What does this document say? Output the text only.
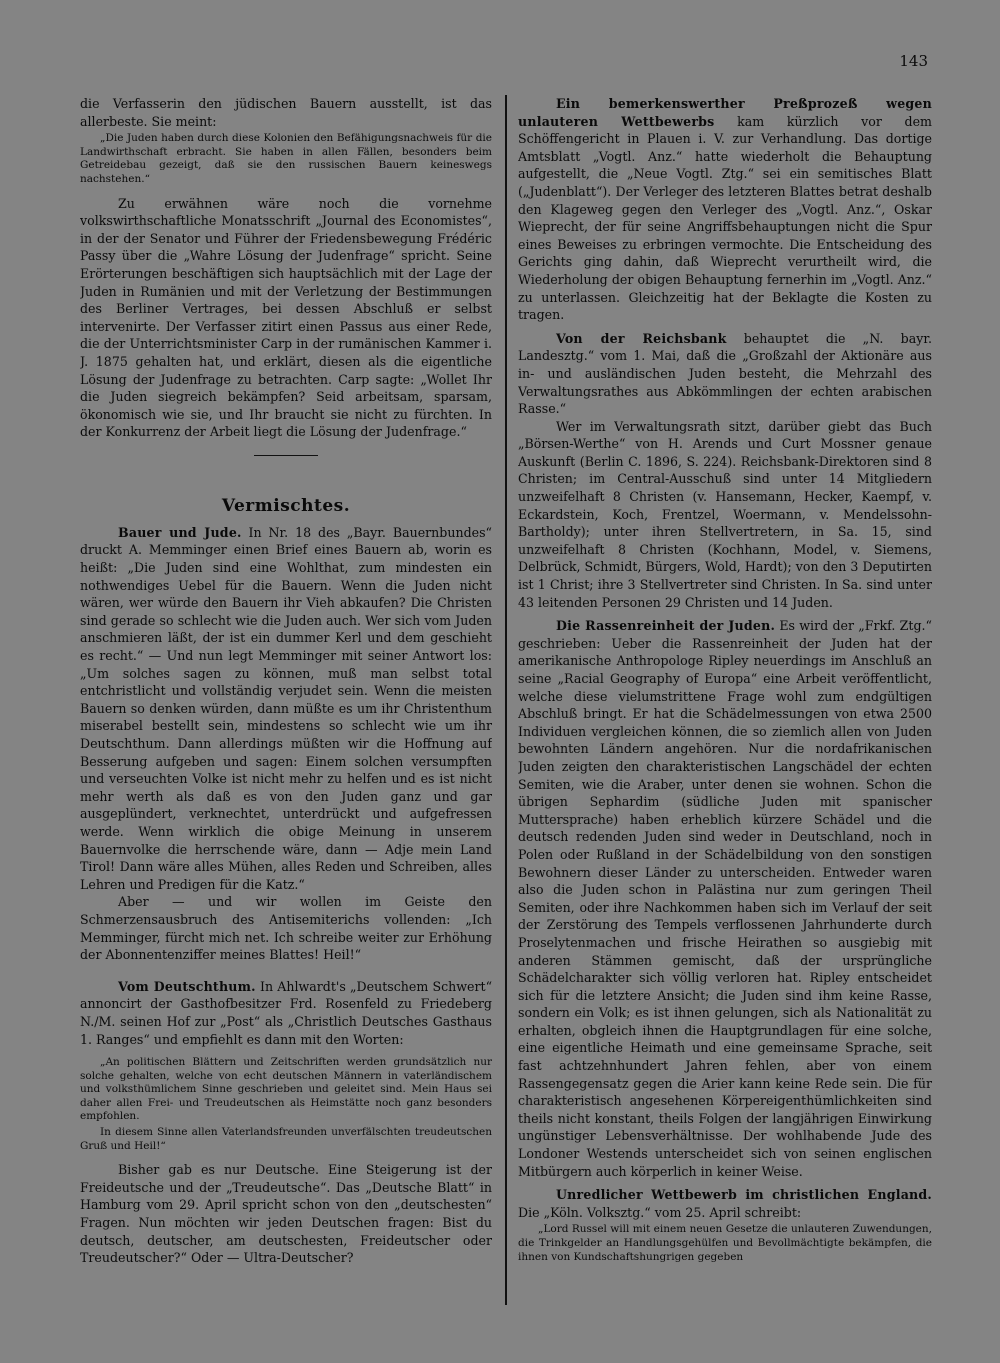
143

die Verfasserin den jüdischen Bauern ausstellt, ist das allerbeste. Sie meint:

„Die Juden haben durch diese Kolonien den Befähigungsnachweis für die Landwirthschaft erbracht. Sie haben in allen Fällen, besonders beim Getreidebau gezeigt, daß sie den russischen Bauern keineswegs nachstehen.“

Zu erwähnen wäre noch die vornehme volkswirthschaftliche Monatsschrift „Journal des Economistes“, in der der Senator und Führer der Friedensbewegung Frédéric Passy über die „Wahre Lösung der Judenfrage“ spricht. Seine Erörterungen beschäftigen sich hauptsächlich mit der Lage der Juden in Rumänien und mit der Verletzung der Bestimmungen des Berliner Vertrages, bei dessen Abschluß er selbst intervenirte. Der Verfasser zitirt einen Passus aus einer Rede, die der Unterrichtsminister Carp in der rumänischen Kammer i. J. 1875 gehalten hat, und erklärt, diesen als die eigentliche Lösung der Judenfrage zu betrachten. Carp sagte: „Wollet Ihr die Juden siegreich bekämpfen? Seid arbeitsam, sparsam, ökonomisch wie sie, und Ihr braucht sie nicht zu fürchten. In der Konkurrenz der Arbeit liegt die Lösung der Judenfrage.“

Vermischtes.

Bauer und Jude. In Nr. 18 des „Bayr. Bauernbundes“ druckt A. Memminger einen Brief eines Bauern ab, worin es heißt: „Die Juden sind eine Wohlthat, zum mindesten ein nothwendiges Uebel für die Bauern. Wenn die Juden nicht wären, wer würde den Bauern ihr Vieh abkaufen? Die Christen sind gerade so schlecht wie die Juden auch. Wer sich vom Juden anschmieren läßt, der ist ein dummer Kerl und dem geschieht es recht.“ — Und nun legt Memminger mit seiner Antwort los: „Um solches sagen zu können, muß man selbst total entchristlicht und vollständig verjudet sein. Wenn die meisten Bauern so denken würden, dann müßte es um ihr Christenthum miserabel bestellt sein, mindestens so schlecht wie um ihr Deutschthum. Dann allerdings müßten wir die Hoffnung auf Besserung aufgeben und sagen: Einem solchen versumpften und verseuchten Volke ist nicht mehr zu helfen und es ist nicht mehr werth als daß es von den Juden ganz und gar ausgeplündert, verknechtet, unterdrückt und aufgefressen werde. Wenn wirklich die obige Meinung in unserem Bauernvolke die herrschende wäre, dann — Adje mein Land Tirol! Dann wäre alles Mühen, alles Reden und Schreiben, alles Lehren und Predigen für die Katz.“

Aber — und wir wollen im Geiste den Schmerzensausbruch des Antisemiterichs vollenden: „Ich Memminger, fürcht mich net. Ich schreibe weiter zur Erhöhung der Abonnentenziffer meines Blattes! Heil!“

Vom Deutschthum. In Ahlwardt's „Deutschem Schwert“ annoncirt der Gasthofbesitzer Frd. Rosenfeld zu Friedeberg N./M. seinen Hof zur „Post“ als „Christlich Deutsches Gasthaus 1. Ranges“ und empfiehlt es dann mit den Worten:

„An politischen Blättern und Zeitschriften werden grundsätzlich nur solche gehalten, welche von echt deutschen Männern in vaterländischem und volksthümlichem Sinne geschrieben und geleitet sind. Mein Haus sei daher allen Frei- und Treudeutschen als Heimstätte noch ganz besonders empfohlen.

In diesem Sinne allen Vaterlandsfreunden unverfälschten treudeutschen Gruß und Heil!“

Bisher gab es nur Deutsche. Eine Steigerung ist der Freideutsche und der „Treudeutsche“. Das „Deutsche Blatt“ in Hamburg vom 29. April spricht schon von den „deutschesten“ Fragen. Nun möchten wir jeden Deutschen fragen: Bist du deutsch, deutscher, am deutschesten, Freideutscher oder Treudeutscher?“ Oder — Ultra-Deutscher?

Ein bemerkenswerther Preßprozeß wegen unlauteren Wettbewerbs kam kürzlich vor dem Schöffengericht in Plauen i. V. zur Verhandlung. Das dortige Amtsblatt „Vogtl. Anz.“ hatte wiederholt die Behauptung aufgestellt, die „Neue Vogtl. Ztg.“ sei ein semitisches Blatt („Judenblatt“). Der Verleger des letzteren Blattes betrat deshalb den Klageweg gegen den Verleger des „Vogtl. Anz.“, Oskar Wieprecht, der für seine Angriffsbehauptungen nicht die Spur eines Beweises zu erbringen vermochte. Die Entscheidung des Gerichts ging dahin, daß Wieprecht verurtheilt wird, die Wiederholung der obigen Behauptung fernerhin im „Vogtl. Anz.“ zu unterlassen. Gleichzeitig hat der Beklagte die Kosten zu tragen.

Von der Reichsbank behauptet die „N. bayr. Landesztg.“ vom 1. Mai, daß die „Großzahl der Aktionäre aus in- und ausländischen Juden besteht, die Mehrzahl des Verwaltungsrathes aus Abkömmlingen der echten arabischen Rasse.“

Wer im Verwaltungsrath sitzt, darüber giebt das Buch „Börsen-Werthe“ von H. Arends und Curt Mossner genaue Auskunft (Berlin C. 1896, S. 224). Reichsbank-Direktoren sind 8 Christen; im Central-Ausschuß sind unter 14 Mitgliedern unzweifelhaft 8 Christen (v. Hansemann, Hecker, Kaempf, v. Eckardstein, Koch, Frentzel, Woermann, v. Mendelssohn-Bartholdy); unter ihren Stellvertretern, in Sa. 15, sind unzweifelhaft 8 Christen (Kochhann, Model, v. Siemens, Delbrück, Schmidt, Bürgers, Wold, Hardt); von den 3 Deputirten ist 1 Christ; ihre 3 Stellvertreter sind Christen. In Sa. sind unter 43 leitenden Personen 29 Christen und 14 Juden.

Die Rassenreinheit der Juden. Es wird der „Frkf. Ztg.“ geschrieben: Ueber die Rassenreinheit der Juden hat der amerikanische Anthropologe Ripley neuerdings im Anschluß an seine „Racial Geography of Europa“ eine Arbeit veröffentlicht, welche diese vielumstrittene Frage wohl zum endgültigen Abschluß bringt. Er hat die Schädelmessungen von etwa 2500 Individuen vergleichen können, die so ziemlich allen von Juden bewohnten Ländern angehören. Nur die nordafrikanischen Juden zeigten den charakteristischen Langschädel der echten Semiten, wie die Araber, unter denen sie wohnen. Schon die übrigen Sephardim (südliche Juden mit spanischer Muttersprache) haben erheblich kürzere Schädel und die deutsch redenden Juden sind weder in Deutschland, noch in Polen oder Rußland in der Schädelbildung von den sonstigen Bewohnern dieser Länder zu unterscheiden. Entweder waren also die Juden schon in Palästina nur zum geringen Theil Semiten, oder ihre Nachkommen haben sich im Verlauf der seit der Zerstörung des Tempels verflossenen Jahrhunderte durch Proselytenmachen und frische Heirathen so ausgiebig mit anderen Stämmen gemischt, daß der ursprüngliche Schädelcharakter sich völlig verloren hat. Ripley entscheidet sich für die letztere Ansicht; die Juden sind ihm keine Rasse, sondern ein Volk; es ist ihnen gelungen, sich als Nationalität zu erhalten, obgleich ihnen die Hauptgrundlagen für eine solche, eine eigentliche Heimath und eine gemeinsame Sprache, seit fast achtzehnhundert Jahren fehlen, aber von einem Rassengegensatz gegen die Arier kann keine Rede sein. Die für charakteristisch angesehenen Körpereigenthümlichkeiten sind theils nicht konstant, theils Folgen der langjährigen Einwirkung ungünstiger Lebensverhältnisse. Der wohlhabende Jude des Londoner Westends unterscheidet sich von seinen englischen Mitbürgern auch körperlich in keiner Weise.

Unredlicher Wettbewerb im christlichen England. Die „Köln. Volksztg.“ vom 25. April schreibt:

„Lord Russel will mit einem neuen Gesetze die unlauteren Zuwendungen, die Trinkgelder an Handlungsgehülfen und Bevollmächtigte bekämpfen, die ihnen von Kundschaftshungrigen gegeben
